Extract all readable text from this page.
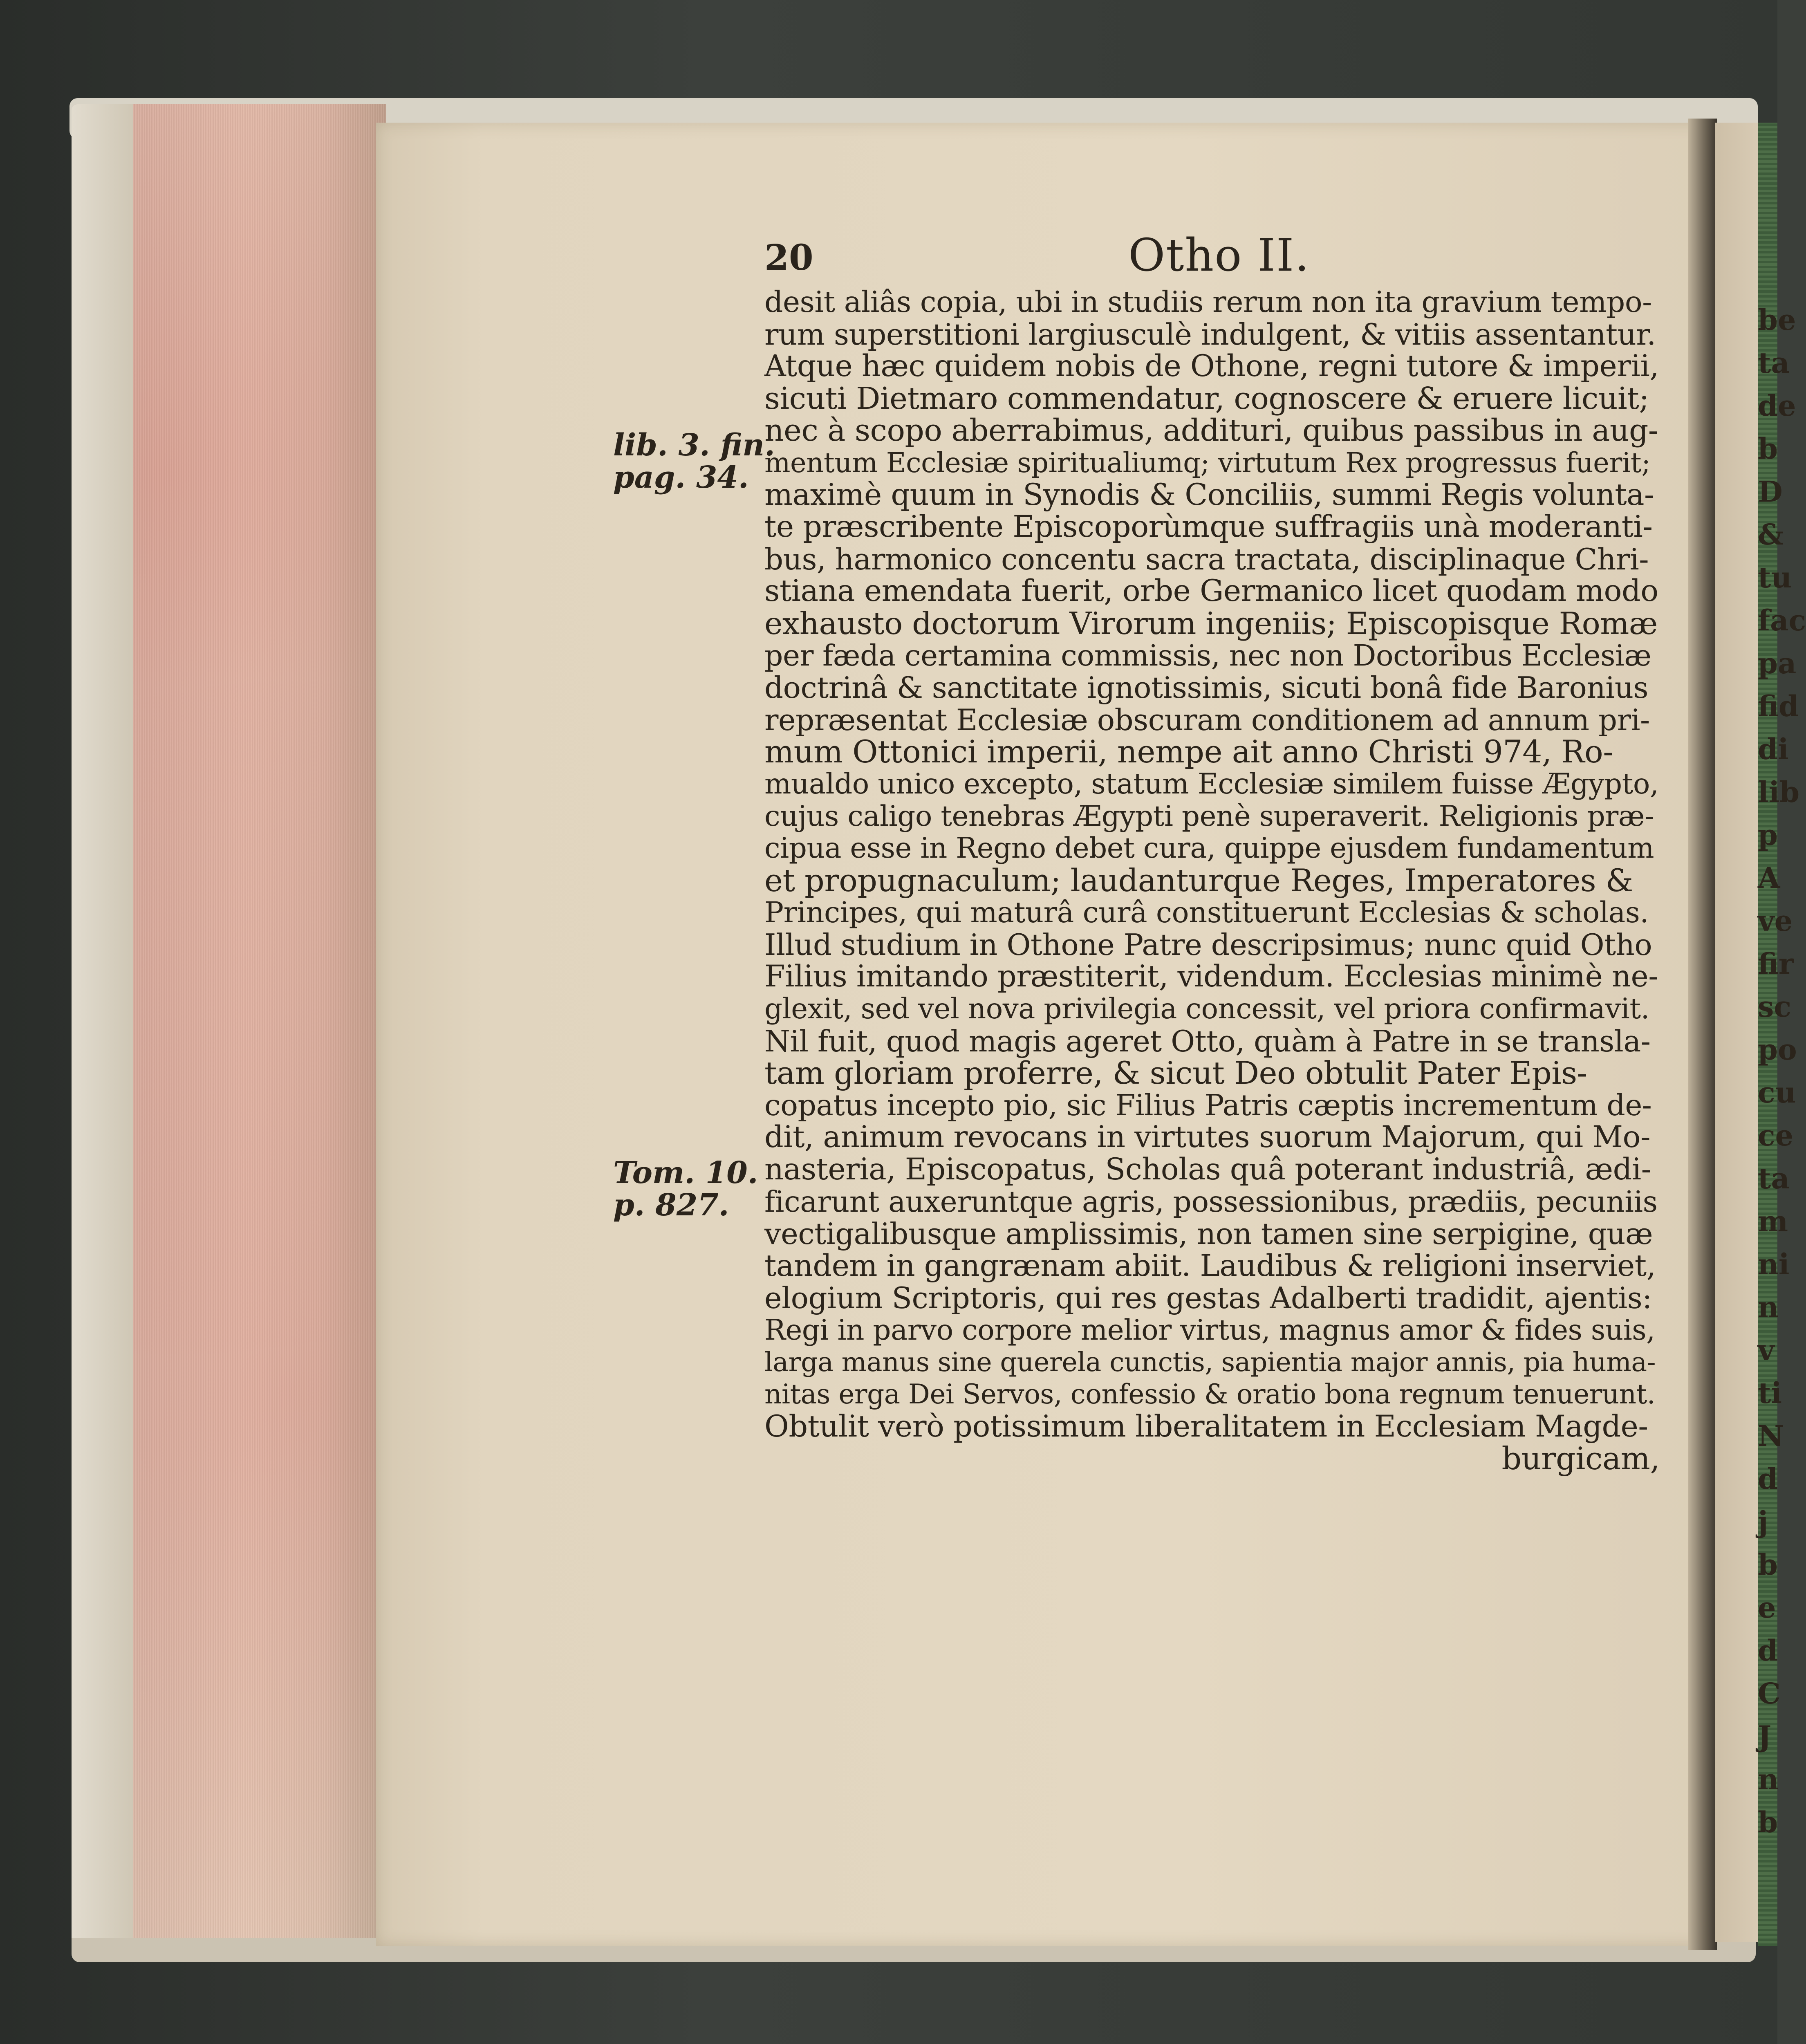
20	Otho II.
lib. 3. fin.
pag. 34.
Tom. 10.
p. 827.
desit aliâs copia, ubi in studiis rerum non ita gravium tempo-
rum superstitioni largiusculè indulgent, & vitiis assentantur.
Atque hæc quidem nobis de Othone, regni tutore & imperii,
sicuti Dietmaro commendatur, cognoscere & eruere licuit;
nec à scopo aberrabimus, addituri, quibus passibus in aug-
mentum Ecclesiæ spiritualiumq; virtutum Rex progressus fuerit;
maximè quum in Synodis & Conciliis, summi Regis volunta-
te præscribente Episcoporùmque suffragiis unà moderanti-
bus, harmonico concentu sacra tractata, disciplinaque Chri-
stiana emendata fuerit, orbe Germanico licet quodam modo
exhausto doctorum Virorum ingeniis; Episcopisque Romæ
per fæda certamina commissis, nec non Doctoribus Ecclesiæ
doctrinâ & sanctitate ignotissimis, sicuti bonâ fide Baronius
repræsentat Ecclesiæ obscuram conditionem ad annum pri-
mum Ottonici imperii, nempe ait anno Christi 974, Ro-
mualdo unico excepto, statum Ecclesiæ similem fuisse Ægypto,
cujus caligo tenebras Ægypti penè superaverit. Religionis præ-
cipua esse in Regno debet cura, quippe ejusdem fundamentum
et propugnaculum; laudanturque Reges, Imperatores &
Principes, qui maturâ curâ constituerunt Ecclesias & scholas.
Illud studium in Othone Patre descripsimus; nunc quid Otho
Filius imitando præstiterit, videndum. Ecclesias minimè ne-
glexit, sed vel nova privilegia concessit, vel priora confirmavit.
Nil fuit, quod magis ageret Otto, quàm à Patre in se transla-
tam gloriam proferre, & sicut Deo obtulit Pater Epis-
copatus incepto pio, sic Filius Patris cæptis incrementum de-
dit, animum revocans in virtutes suorum Majorum, qui Mo-
nasteria, Episcopatus, Scholas quâ poterant industriâ, ædi-
ficarunt auxeruntque agris, possessionibus, prædiis, pecuniis
vectigalibusque amplissimis, non tamen sine serpigine, quæ
tandem in gangrænam abiit. Laudibus & religioni inserviet,
elogium Scriptoris, qui res gestas Adalberti tradidit, ajentis:
Regi in parvo corpore melior virtus, magnus amor & fides suis,
larga manus sine querela cunctis, sapientia major annis, pia huma-
nitas erga Dei Servos, confessio & oratio bona regnum tenuerunt.
Obtulit verò potissimum liberalitatem in Ecclesiam Magde-
burgicam,
be
ta
de
b
D
&
tu
fac
pa
fid
di
lib
p
A
ve
fir
sc
po
cu
ce
ta
m
ni
n
v
ti
N
d
j
b
e
d
C
J
n
b
